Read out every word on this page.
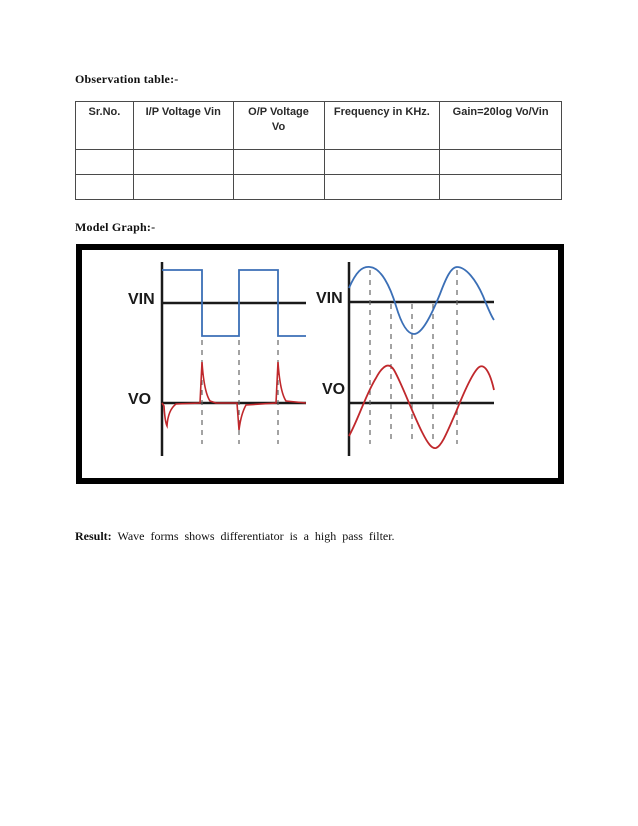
Observation table:-
Sr.No.	I/P Voltage Vin	O/P Voltage Vo	Frequency in KHz.	Gain=20log Vo/Vin

Model Graph:-
VIN
VO
VIN
VO
Result: Wave forms shows differentiator is a high pass filter.
